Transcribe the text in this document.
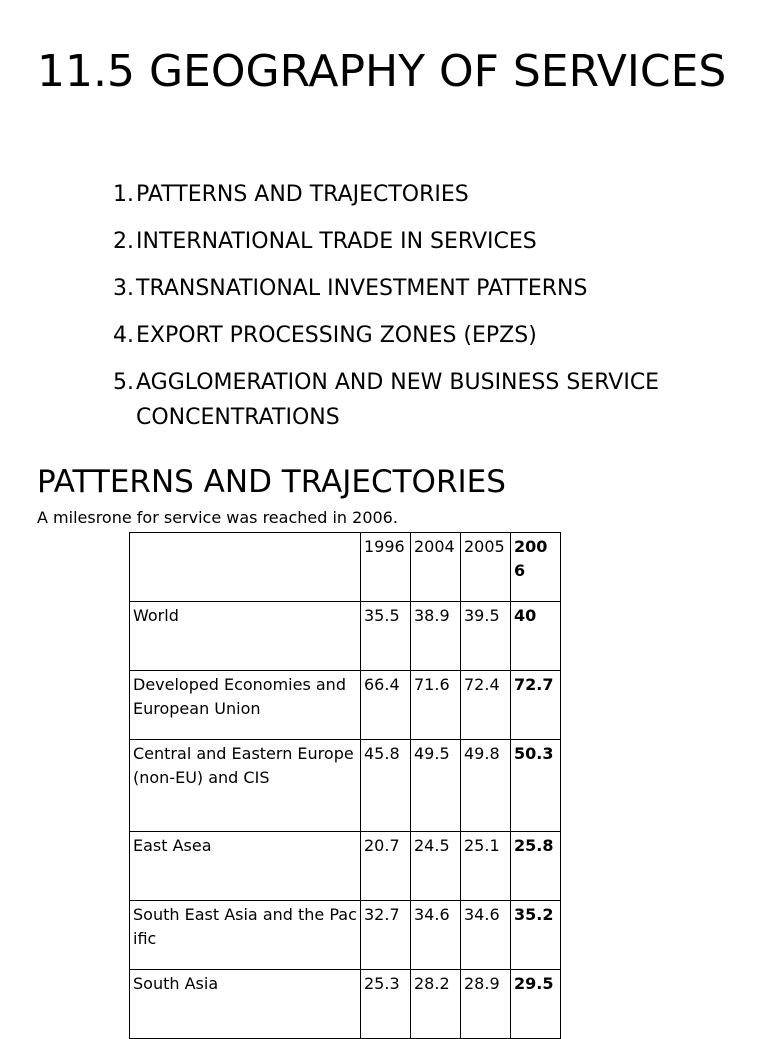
11.5 GEOGRAPHY OF SERVICES
1.PATTERNS AND TRAJECTORIES
2.INTERNATIONAL TRADE IN SERVICES
3.TRANSNATIONAL INVESTMENT PATTERNS
4.EXPORT PROCESSING ZONES (EPZS)
5.AGGLOMERATION AND NEW BUSINESS SERVICE CONCENTRATIONS
PATTERNS AND TRAJECTORIES

A milesrone for service was reached in 2006.

	1996	2004	2005	2006
World	35.5	38.9	39.5	40
Developed Economies and European Union	66.4	71.6	72.4	72.7
Central and Eastern Europe (non-EU) and CIS	45.8	49.5	49.8	50.3
East Asea	20.7	24.5	25.1	25.8
South East Asia and the Pacific	32.7	34.6	34.6	35.2
South Asia	25.3	28.2	28.9	29.5
